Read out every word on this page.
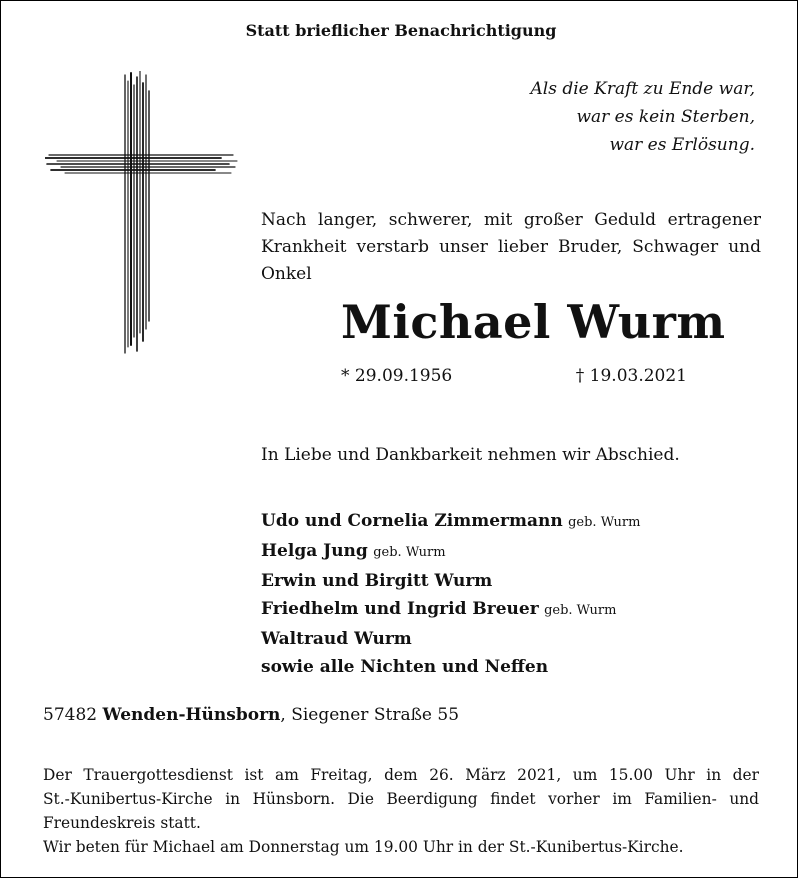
Statt brieflicher Benachrichtigung
Als die Kraft zu Ende war,
war es kein Sterben,
war es Erlösung.
Nach langer, schwerer, mit großer Geduld ertragener Krankheit verstarb unser lieber Bruder, Schwager und Onkel
Michael Wurm
* 29.09.1956	† 19.03.2021
In Liebe und Dankbarkeit nehmen wir Abschied.
Udo und Cornelia Zimmermann geb. Wurm
Helga Jung geb. Wurm
Erwin und Birgitt Wurm
Friedhelm und Ingrid Breuer geb. Wurm
Waltraud Wurm
sowie alle Nichten und Neffen
57482 Wenden-Hünsborn, Siegener Straße 55
Der Trauergottesdienst ist am Freitag, dem 26. März 2021, um 15.00 Uhr in der
St.-Kunibertus-Kirche in Hünsborn. Die Beerdigung findet vorher im Familien- und
Freundeskreis statt.
Wir beten für Michael am Donnerstag um 19.00 Uhr in der St.-Kunibertus-Kirche.
